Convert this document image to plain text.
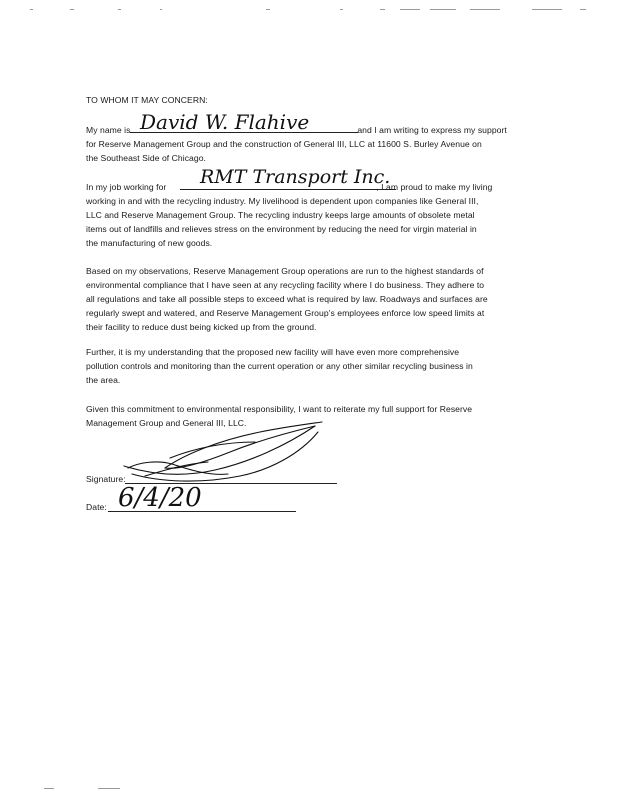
TO WHOM IT MAY CONCERN:
My name is	and I am writing to express my support
for Reserve Management Group and the construction of General III, LLC at 11600 S. Burley Avenue on
the Southeast Side of Chicago.
David W. Flahive
In my job working for	, I am proud to make my living
working in and with the recycling industry. My livelihood is dependent upon companies like General III,
LLC and Reserve Management Group. The recycling industry keeps large amounts of obsolete metal
items out of landfills and relieves stress on the environment by reducing the need for virgin material in
the manufacturing of new goods.
RMT Transport Inc.
Based on my observations, Reserve Management Group operations are run to the highest standards of
environmental compliance that I have seen at any recycling facility where I do business. They adhere to
all regulations and take all possible steps to exceed what is required by law. Roadways and surfaces are
regularly swept and watered, and Reserve Management Group’s employees enforce low speed limits at
their facility to reduce dust being kicked up from the ground.
Further, it is my understanding that the proposed new facility will have even more comprehensive
pollution controls and monitoring than the current operation or any other similar recycling business in
the area.
Given this commitment to environmental responsibility, I want to reiterate my full support for Reserve
Management Group and General III, LLC.
Signature:
Date: 6/4/20
